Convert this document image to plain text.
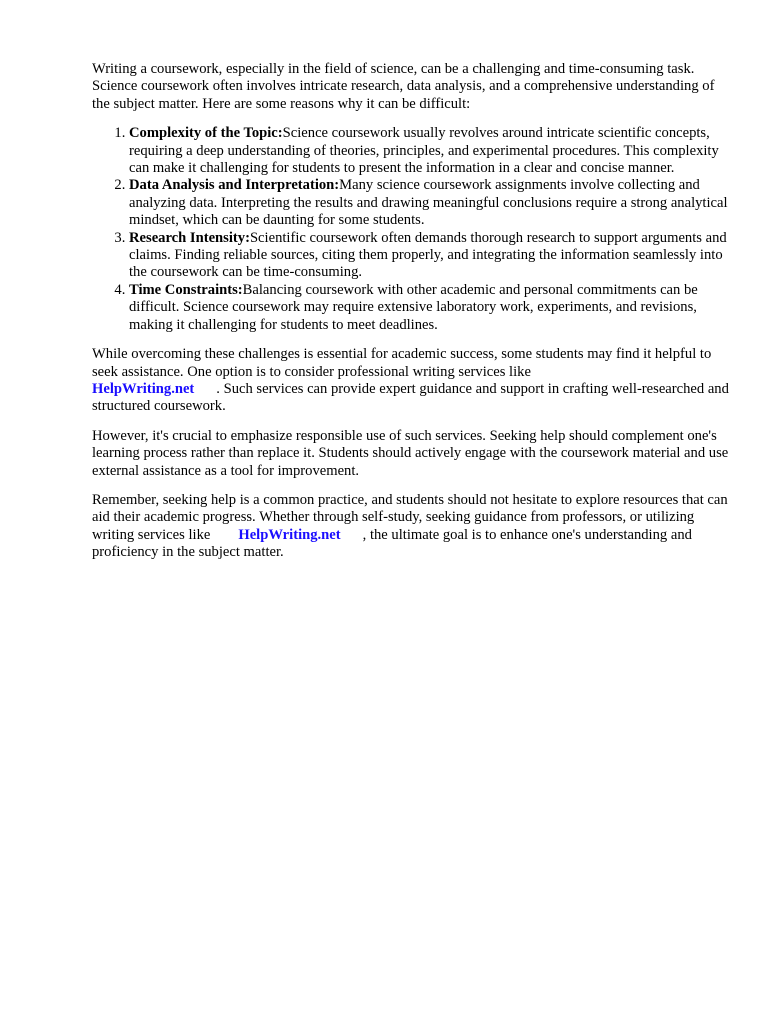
Writing a coursework, especially in the field of science, can be a challenging and time-consuming task. Science coursework often involves intricate research, data analysis, and a comprehensive understanding of the subject matter. Here are some reasons why it can be difficult:

1. Complexity of the Topic:Science coursework usually revolves around intricate scientific concepts, requiring a deep understanding of theories, principles, and experimental procedures. This complexity can make it challenging for students to present the information in a clear and concise manner.
2. Data Analysis and Interpretation:Many science coursework assignments involve collecting and analyzing data. Interpreting the results and drawing meaningful conclusions require a strong analytical mindset, which can be daunting for some students.
3. Research Intensity:Scientific coursework often demands thorough research to support arguments and claims. Finding reliable sources, citing them properly, and integrating the information seamlessly into the coursework can be time-consuming.
4. Time Constraints:Balancing coursework with other academic and personal commitments can be difficult. Science coursework may require extensive laboratory work, experiments, and revisions, making it challenging for students to meet deadlines.

While overcoming these challenges is essential for academic success, some students may find it helpful to seek assistance. One option is to consider professional writing services like
HelpWriting.net . Such services can provide expert guidance and support in crafting well-researched and structured coursework.

However, it's crucial to emphasize responsible use of such services. Seeking help should complement one's learning process rather than replace it. Students should actively engage with the coursework material and use external assistance as a tool for improvement.

Remember, seeking help is a common practice, and students should not hesitate to explore resources that can aid their academic progress. Whether through self-study, seeking guidance from professors, or utilizing writing services like HelpWriting.net , the ultimate goal is to enhance one's understanding and proficiency in the subject matter.
